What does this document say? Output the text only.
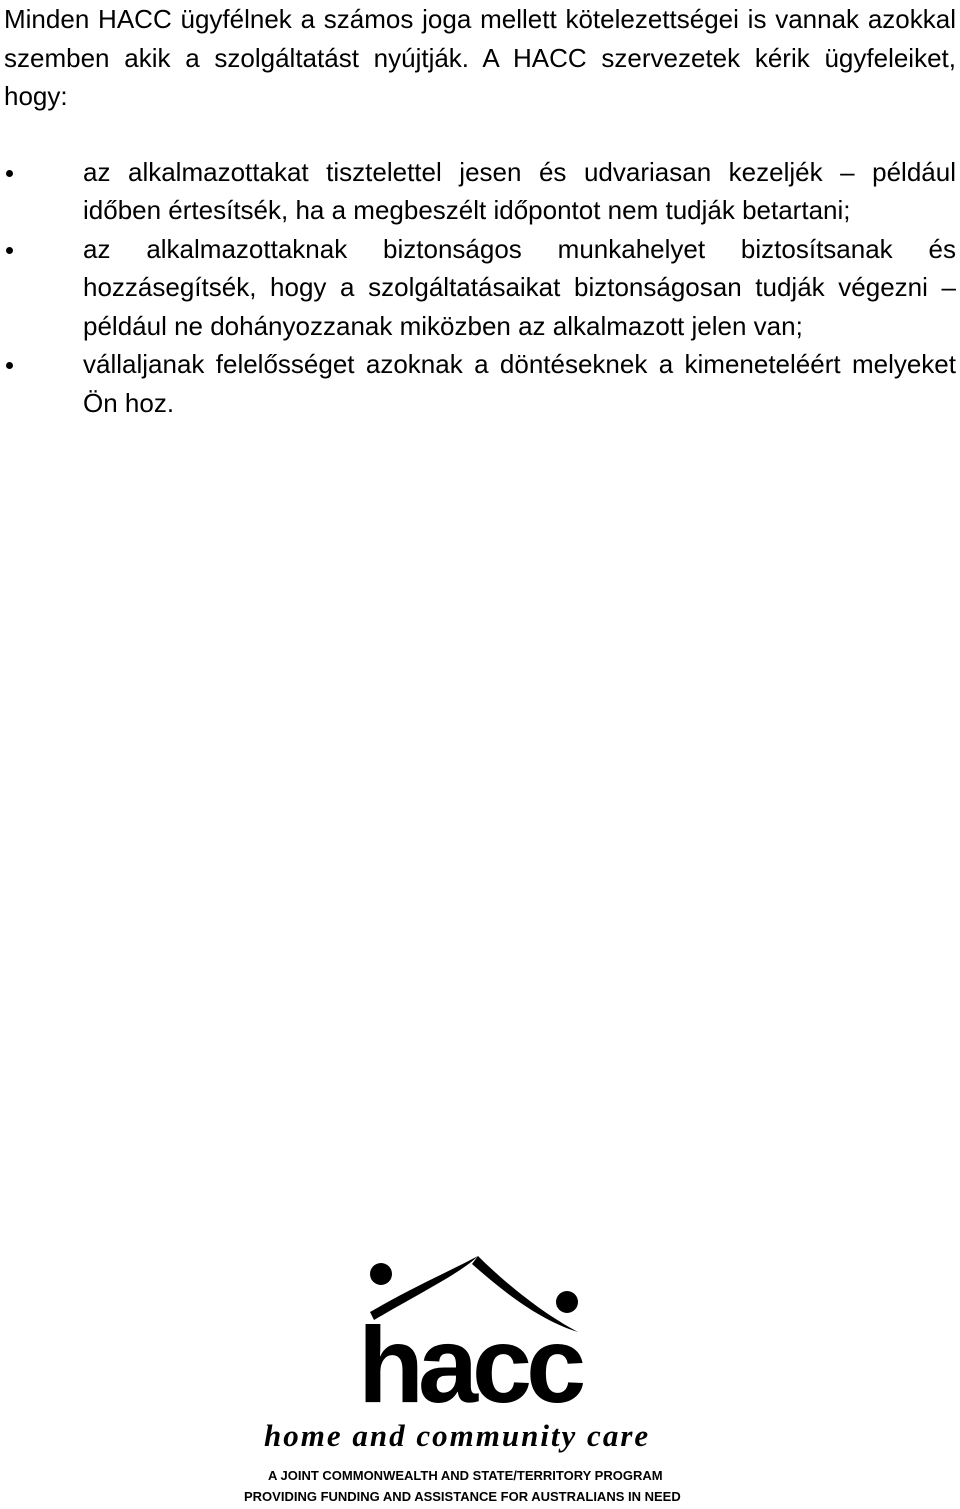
Minden HACC ügyfélnek a számos joga mellett kötelezettségei is vannak azokkal szemben akik a szolgáltatást nyújtják. A HACC szervezetek kérik ügyfeleiket, hogy:

az alkalmazottakat tisztelettel jesen és udvariasan kezeljék – például időben értesítsék, ha a megbeszélt időpontot nem tudják betartani;
az alkalmazottaknak biztonságos munkahelyet biztosítsanak és hozzásegítsék, hogy a szolgáltatásaikat biztonságosan tudják végezni – például ne dohányozzanak miközben az alkalmazott jelen van;
vállaljanak felelősséget azoknak a döntéseknek a kimeneteléért melyeket Ön hoz.
hacc
home and community care
A JOINT COMMONWEALTH AND STATE/TERRITORY PROGRAM
PROVIDING FUNDING AND ASSISTANCE FOR AUSTRALIANS IN NEED
